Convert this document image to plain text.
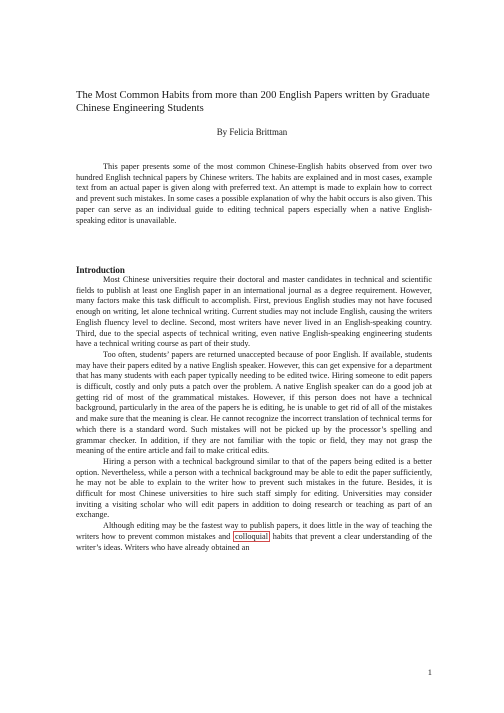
The Most Common Habits from more than 200 English Papers written by Graduate Chinese Engineering Students
By Felicia Brittman

This paper presents some of the most common Chinese-English habits observed from over two hundred English technical papers by Chinese writers. The habits are explained and in most cases, example text from an actual paper is given along with preferred text. An attempt is made to explain how to correct and prevent such mistakes. In some cases a possible explanation of why the habit occurs is also given. This paper can serve as an individual guide to editing technical papers especially when a native English-speaking editor is unavailable.

Introduction

Most Chinese universities require their doctoral and master candidates in technical and scientific fields to publish at least one English paper in an international journal as a degree requirement. However, many factors make this task difficult to accomplish. First, previous English studies may not have focused enough on writing, let alone technical writing. Current studies may not include English, causing the writers English fluency level to decline. Second, most writers have never lived in an English-speaking country. Third, due to the special aspects of technical writing, even native English-speaking engineering students have a technical writing course as part of their study.

Too often, students’ papers are returned unaccepted because of poor English. If available, students may have their papers edited by a native English speaker. However, this can get expensive for a department that has many students with each paper typically needing to be edited twice. Hiring someone to edit papers is difficult, costly and only puts a patch over the problem. A native English speaker can do a good job at getting rid of most of the grammatical mistakes. However, if this person does not have a technical background, particularly in the area of the papers he is editing, he is unable to get rid of all of the mistakes and make sure that the meaning is clear. He cannot recognize the incorrect translation of technical terms for which there is a standard word. Such mistakes will not be picked up by the processor’s spelling and grammar checker. In addition, if they are not familiar with the topic or field, they may not grasp the meaning of the entire article and fail to make critical edits.

Hiring a person with a technical background similar to that of the papers being edited is a better option. Nevertheless, while a person with a technical background may be able to edit the paper sufficiently, he may not be able to explain to the writer how to prevent such mistakes in the future. Besides, it is difficult for most Chinese universities to hire such staff simply for editing. Universities may consider inviting a visiting scholar who will edit papers in addition to doing research or teaching as part of an exchange.

Although editing may be the fastest way to publish papers, it does little in the way of teaching the writers how to prevent common mistakes and colloquial habits that prevent a clear understanding of the writer’s ideas. Writers who have already obtained an

1
